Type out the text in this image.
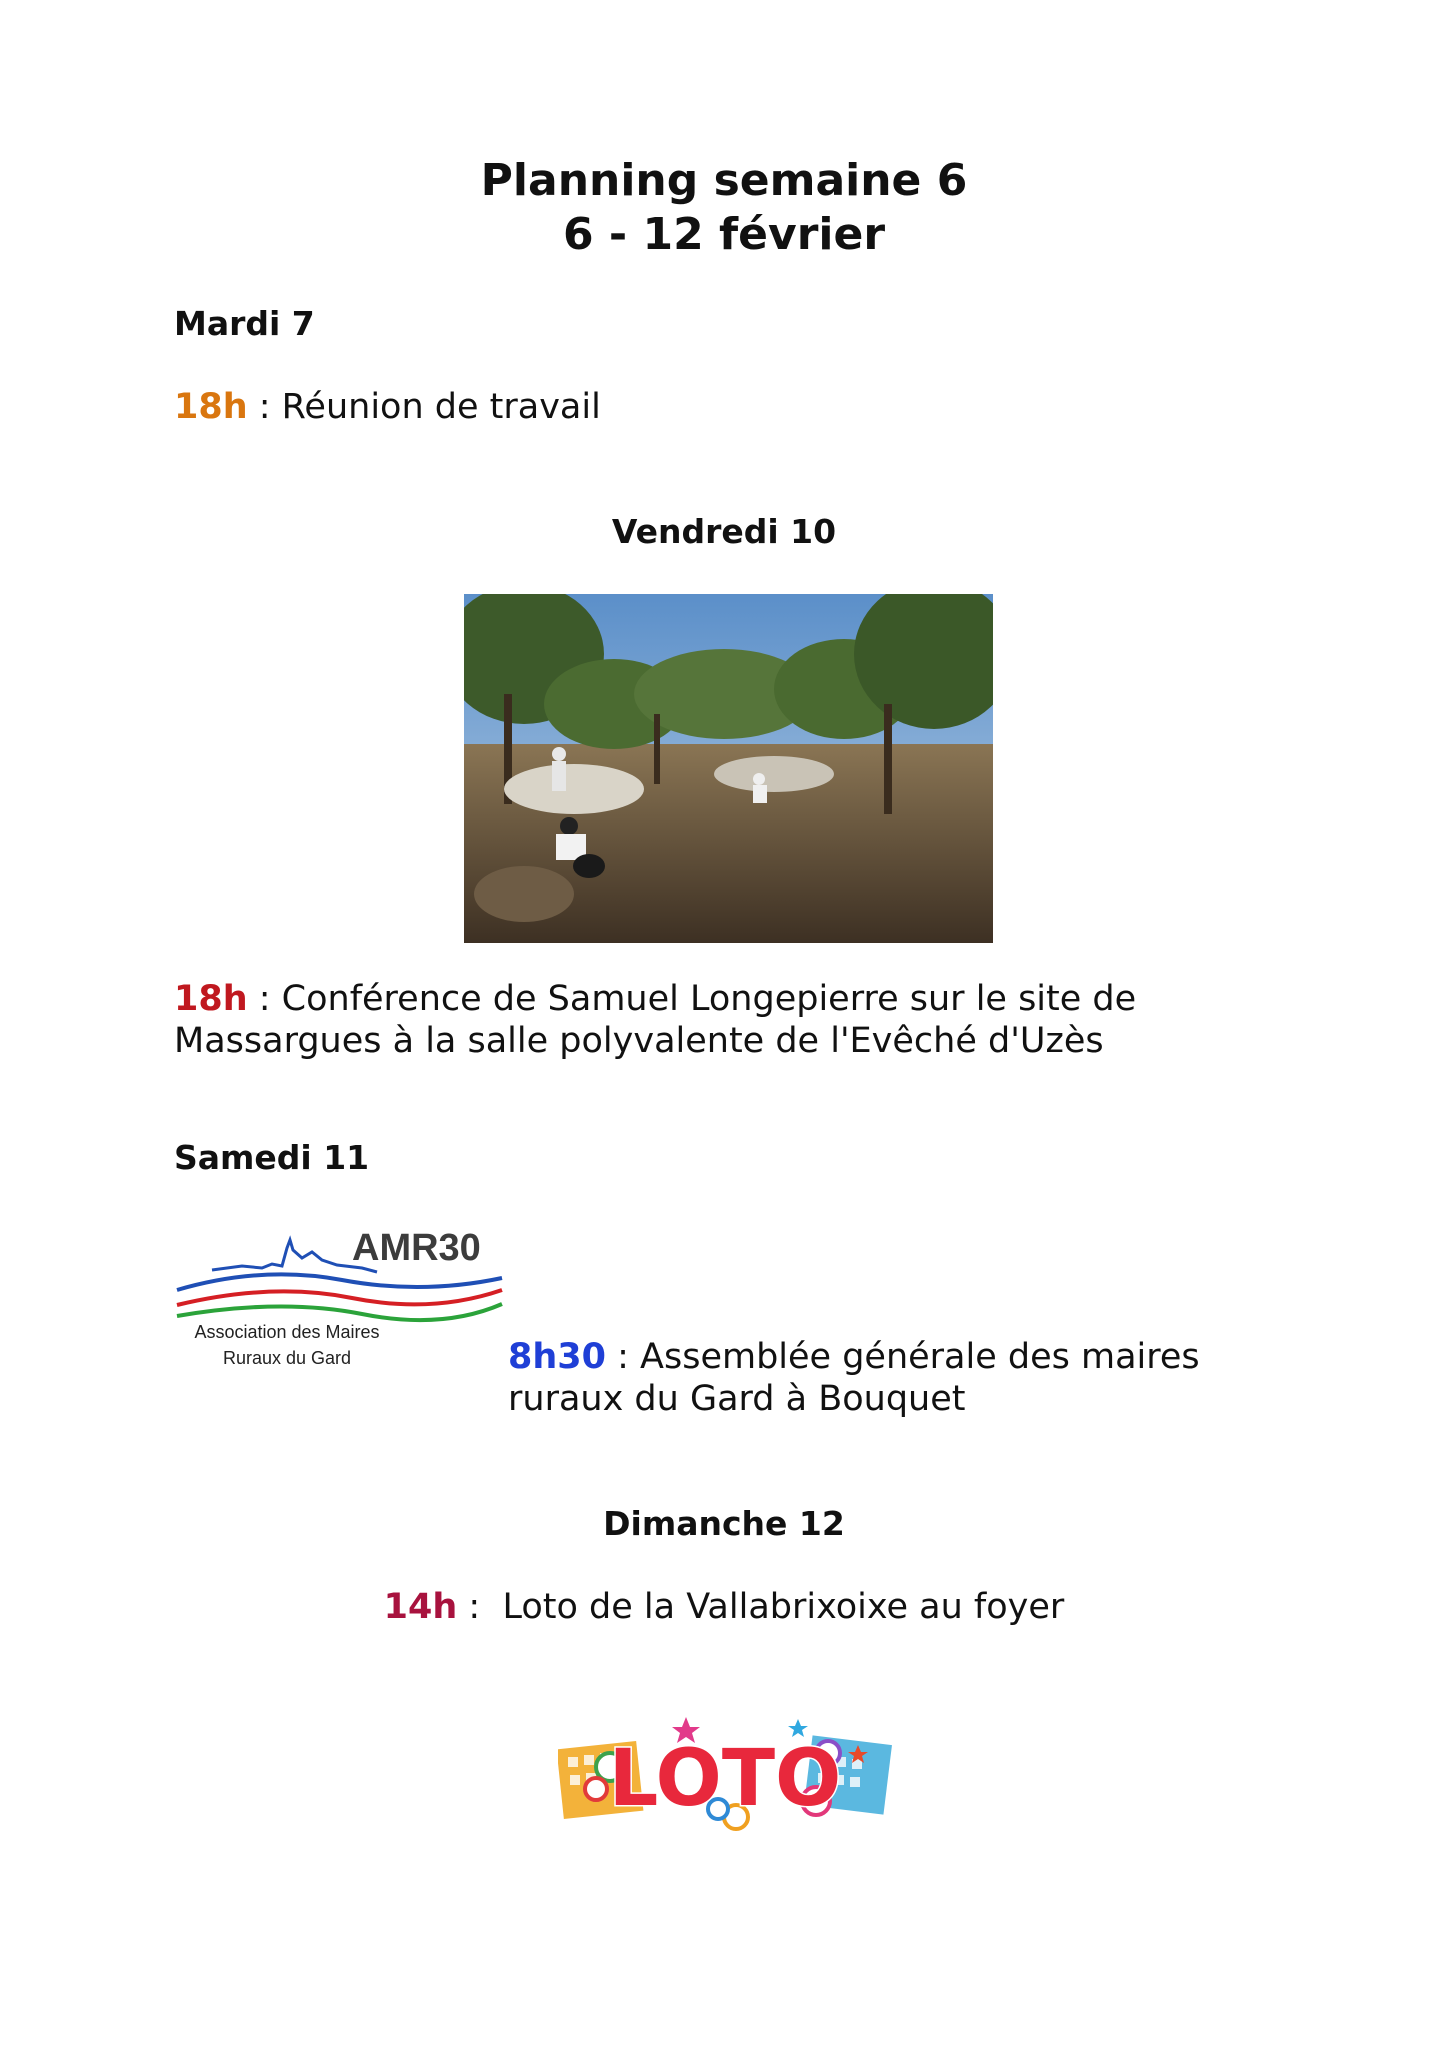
Planning semaine 6
6 - 12 février
Mardi 7
18h : Réunion de travail
Vendredi 10
18h : Conférence de Samuel Longepierre sur le site de
Massargues à la salle polyvalente de l'Evêché d'Uzès
Samedi 11
AMR30
Association des Maires
Ruraux du Gard	8h30 : Assemblée générale des maires
ruraux du Gard à Bouquet
Dimanche 12
14h :  Loto de la Vallabrixoixe au foyer
LOTO
